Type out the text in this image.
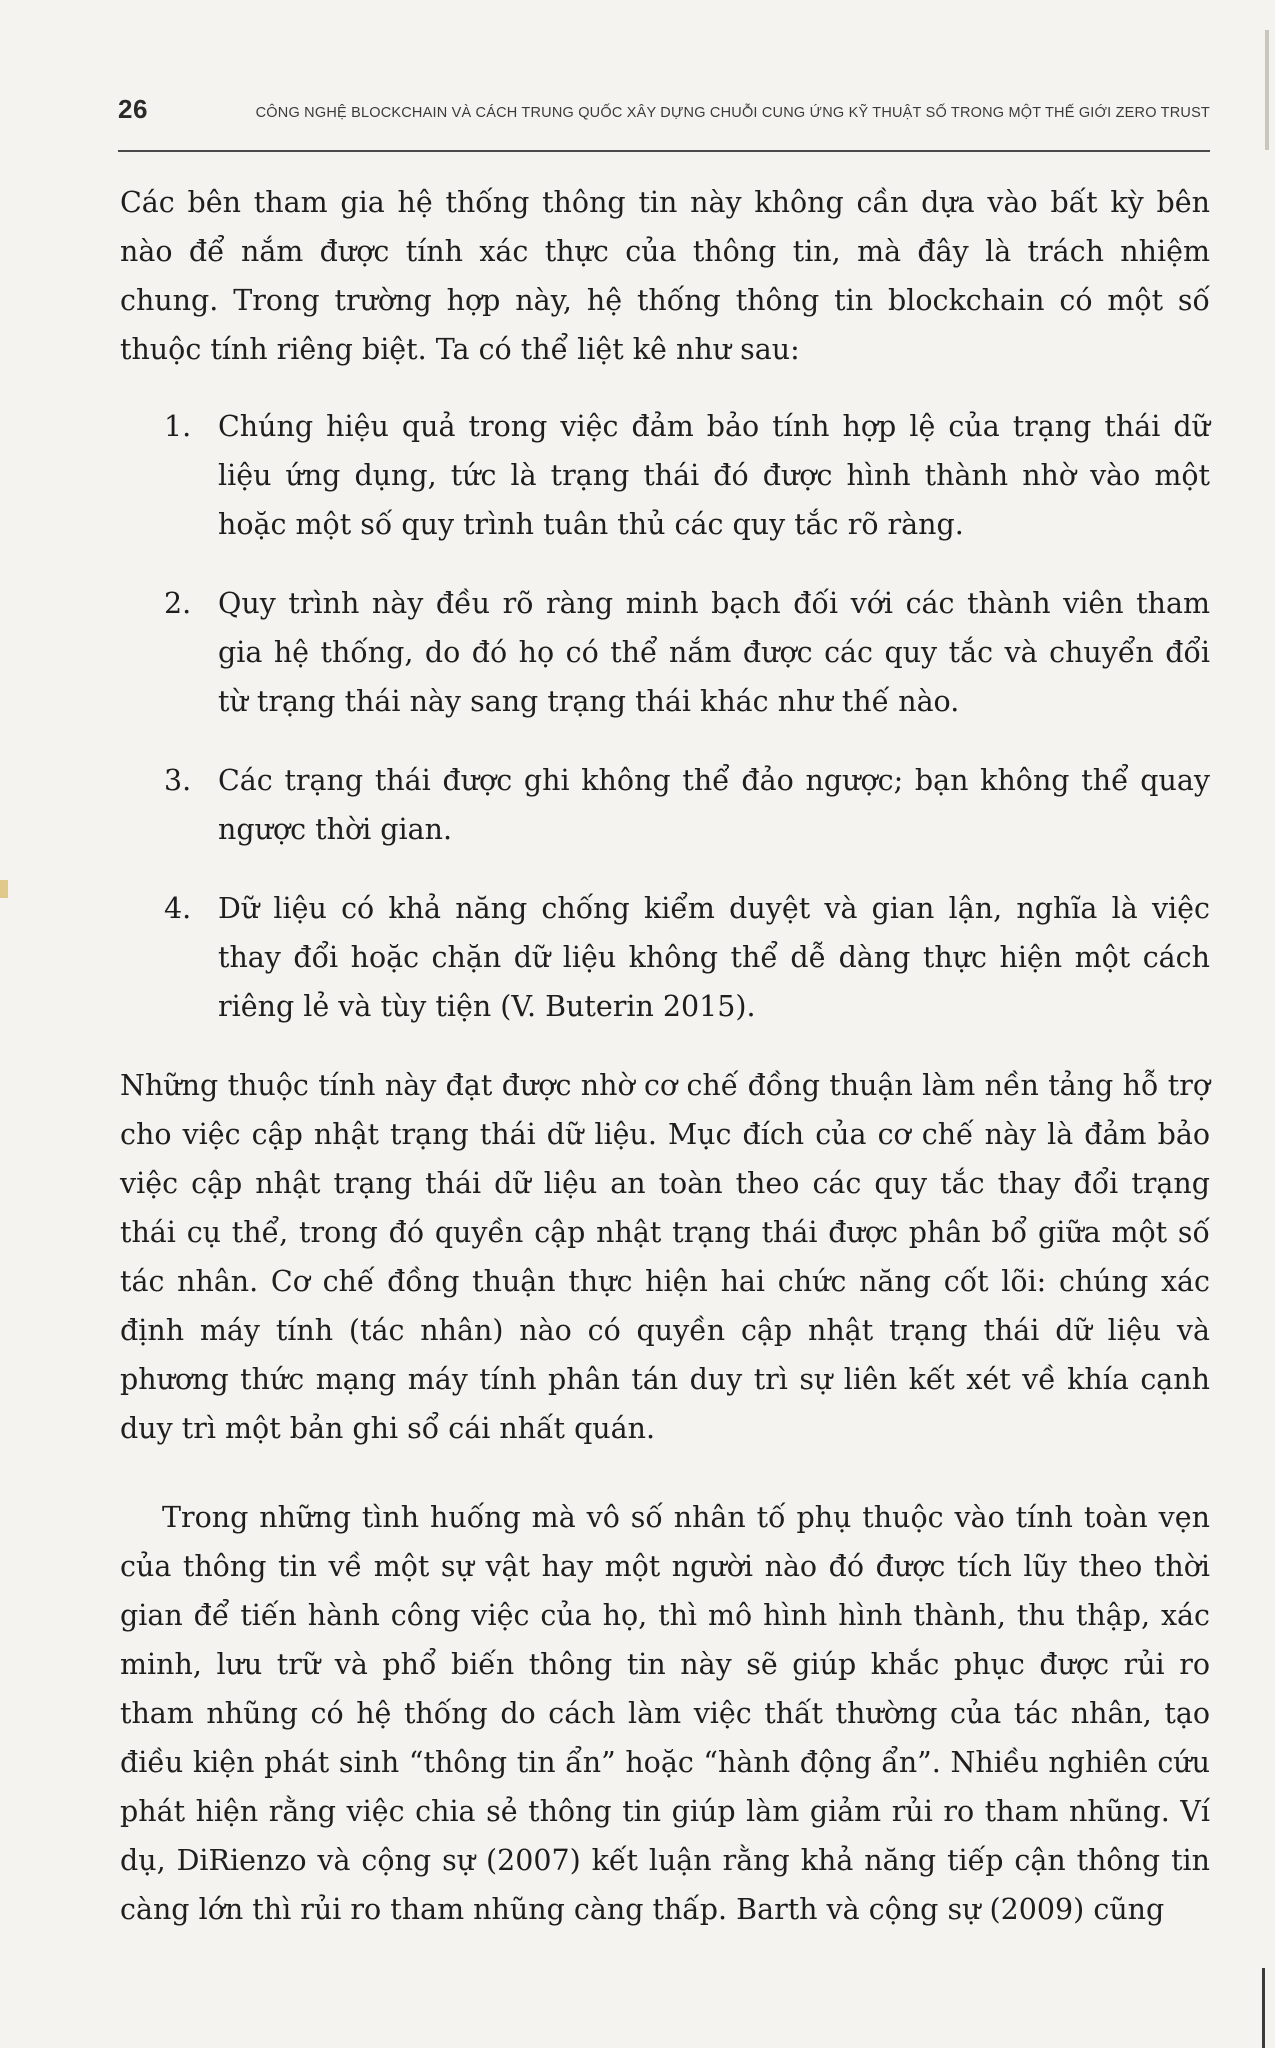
26	CÔNG NGHỆ BLOCKCHAIN VÀ CÁCH TRUNG QUỐC XÂY DỰNG CHUỖI CUNG ỨNG KỸ THUẬT SỐ TRONG MỘT THẾ GIỚI ZERO TRUST

Các bên tham gia hệ thống thông tin này không cần dựa vào bất kỳ bên nào để nắm được tính xác thực của thông tin, mà đây là trách nhiệm chung. Trong trường hợp này, hệ thống thông tin blockchain có một số thuộc tính riêng biệt. Ta có thể liệt kê như sau:

1. Chúng hiệu quả trong việc đảm bảo tính hợp lệ của trạng thái dữ liệu ứng dụng, tức là trạng thái đó được hình thành nhờ vào một hoặc một số quy trình tuân thủ các quy tắc rõ ràng.
2. Quy trình này đều rõ ràng minh bạch đối với các thành viên tham gia hệ thống, do đó họ có thể nắm được các quy tắc và chuyển đổi từ trạng thái này sang trạng thái khác như thế nào.
3. Các trạng thái được ghi không thể đảo ngược; bạn không thể quay ngược thời gian.
4. Dữ liệu có khả năng chống kiểm duyệt và gian lận, nghĩa là việc thay đổi hoặc chặn dữ liệu không thể dễ dàng thực hiện một cách riêng lẻ và tùy tiện (V. Buterin 2015).

Những thuộc tính này đạt được nhờ cơ chế đồng thuận làm nền tảng hỗ trợ cho việc cập nhật trạng thái dữ liệu. Mục đích của cơ chế này là đảm bảo việc cập nhật trạng thái dữ liệu an toàn theo các quy tắc thay đổi trạng thái cụ thể, trong đó quyền cập nhật trạng thái được phân bổ giữa một số tác nhân. Cơ chế đồng thuận thực hiện hai chức năng cốt lõi: chúng xác định máy tính (tác nhân) nào có quyền cập nhật trạng thái dữ liệu và phương thức mạng máy tính phân tán duy trì sự liên kết xét về khía cạnh duy trì một bản ghi sổ cái nhất quán.

Trong những tình huống mà vô số nhân tố phụ thuộc vào tính toàn vẹn của thông tin về một sự vật hay một người nào đó được tích lũy theo thời gian để tiến hành công việc của họ, thì mô hình hình thành, thu thập, xác minh, lưu trữ và phổ biến thông tin này sẽ giúp khắc phục được rủi ro tham nhũng có hệ thống do cách làm việc thất thường của tác nhân, tạo điều kiện phát sinh “thông tin ẩn” hoặc “hành động ẩn”. Nhiều nghiên cứu phát hiện rằng việc chia sẻ thông tin giúp làm giảm rủi ro tham nhũng. Ví dụ, DiRienzo và cộng sự (2007) kết luận rằng khả năng tiếp cận thông tin càng lớn thì rủi ro tham nhũng càng thấp. Barth và cộng sự (2009) cũng
